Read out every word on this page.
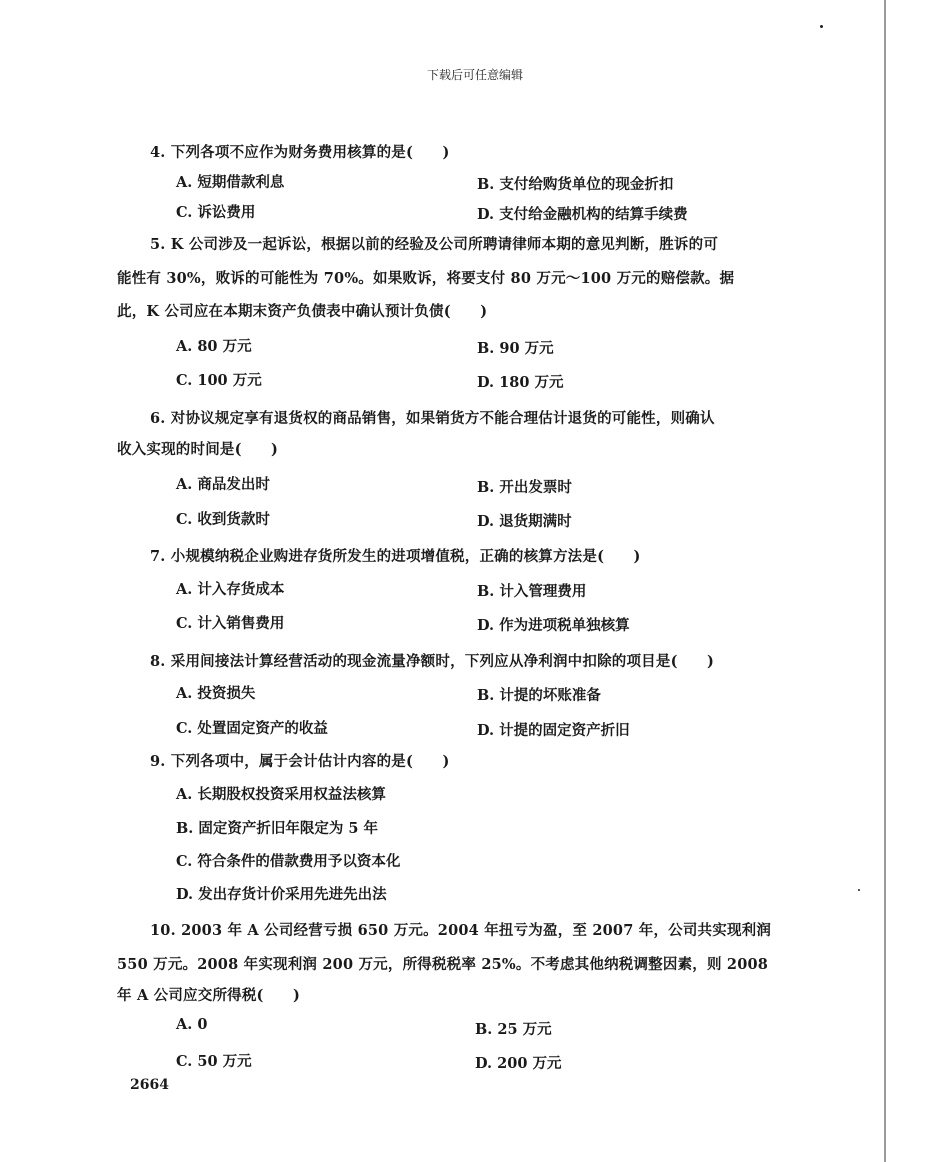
下载后可任意编辑
4. 下列各项不应作为财务费用核算的是(　　)
A. 短期借款利息	B. 支付给购货单位的现金折扣
C. 诉讼费用	D. 支付给金融机构的结算手续费
5. K 公司涉及一起诉讼，根据以前的经验及公司所聘请律师本期的意见判断，胜诉的可
能性有 30%，败诉的可能性为 70%。如果败诉，将要支付 80 万元～100 万元的赔偿款。据
此，K 公司应在本期末资产负债表中确认预计负债(　　)
A. 80 万元	B. 90 万元
C. 100 万元	D. 180 万元
6. 对协议规定享有退货权的商品销售，如果销货方不能合理估计退货的可能性，则确认
收入实现的时间是(　　)
A. 商品发出时	B. 开出发票时
C. 收到货款时	D. 退货期满时
7. 小规模纳税企业购进存货所发生的进项增值税，正确的核算方法是(　　)
A. 计入存货成本	B. 计入管理费用
C. 计入销售费用	D. 作为进项税单独核算
8. 采用间接法计算经营活动的现金流量净额时，下列应从净利润中扣除的项目是(　　)
A. 投资损失	B. 计提的坏账准备
C. 处置固定资产的收益	D. 计提的固定资产折旧
9. 下列各项中，属于会计估计内容的是(　　)
A. 长期股权投资采用权益法核算
B. 固定资产折旧年限定为 5 年
C. 符合条件的借款费用予以资本化
D. 发出存货计价采用先进先出法
10. 2003 年 A 公司经营亏损 650 万元。2004 年扭亏为盈，至 2007 年，公司共实现利润
550 万元。2008 年实现利润 200 万元，所得税税率 25%。不考虑其他纳税调整因素，则 2008
年 A 公司应交所得税(　　)
A. 0	B. 25 万元
C. 50 万元	D. 200 万元
2664
